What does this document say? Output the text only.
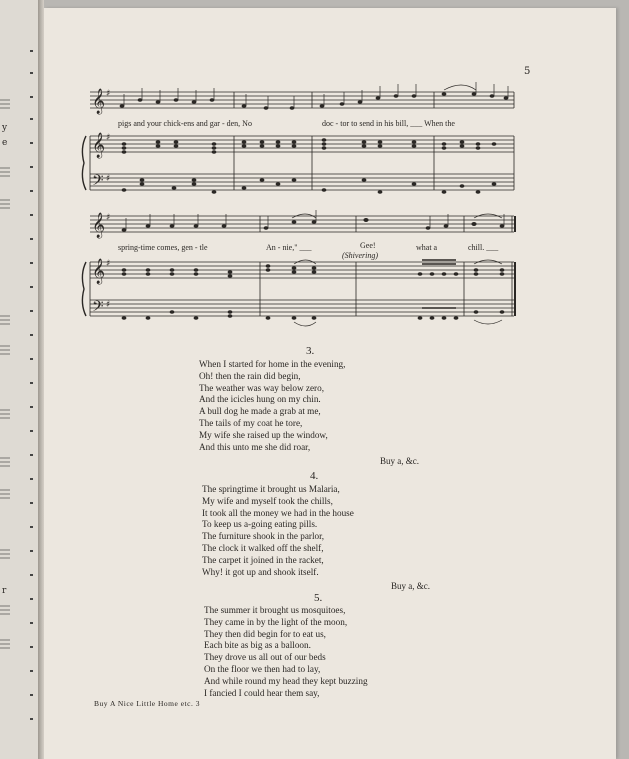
y
e
r
5
𝄞
𝄞
𝄢
𝄞
𝄞
𝄢
♯
♯
♯
♯
♯
♯
pigs and your chick-ens and gar - den, No	doc - tor to send in his bill, ___ When the
spring-time comes, gen - tle	An - nie," ___	Gee!	what a	chill. ___
(Shivering)
3.
When I started for home in the evening,
Oh! then the rain did begin,
The weather was way below zero,
And the icicles hung on my chin.
A bull dog he made a grab at me,
The tails of my coat he tore,
My wife she raised up the window,
And this unto me she did roar,
Buy a, &c.
4.
The springtime it brought us Malaria,
My wife and myself took the chills,
It took all the money we had in the house
To keep us a-going eating pills.
The furniture shook in the parlor,
The clock it walked off the shelf,
The carpet it joined in the racket,
Why! it got up and shook itself.
Buy a, &c.
5.
The summer it brought us mosquitoes,
They came in by the light of the moon,
They then did begin for to eat us,
Each bite as big as a balloon.
They drove us all out of our beds
On the floor we then had to lay,
And while round my head they kept buzzing
I fancied I could hear them say,
Buy A Nice Little Home etc. 3
